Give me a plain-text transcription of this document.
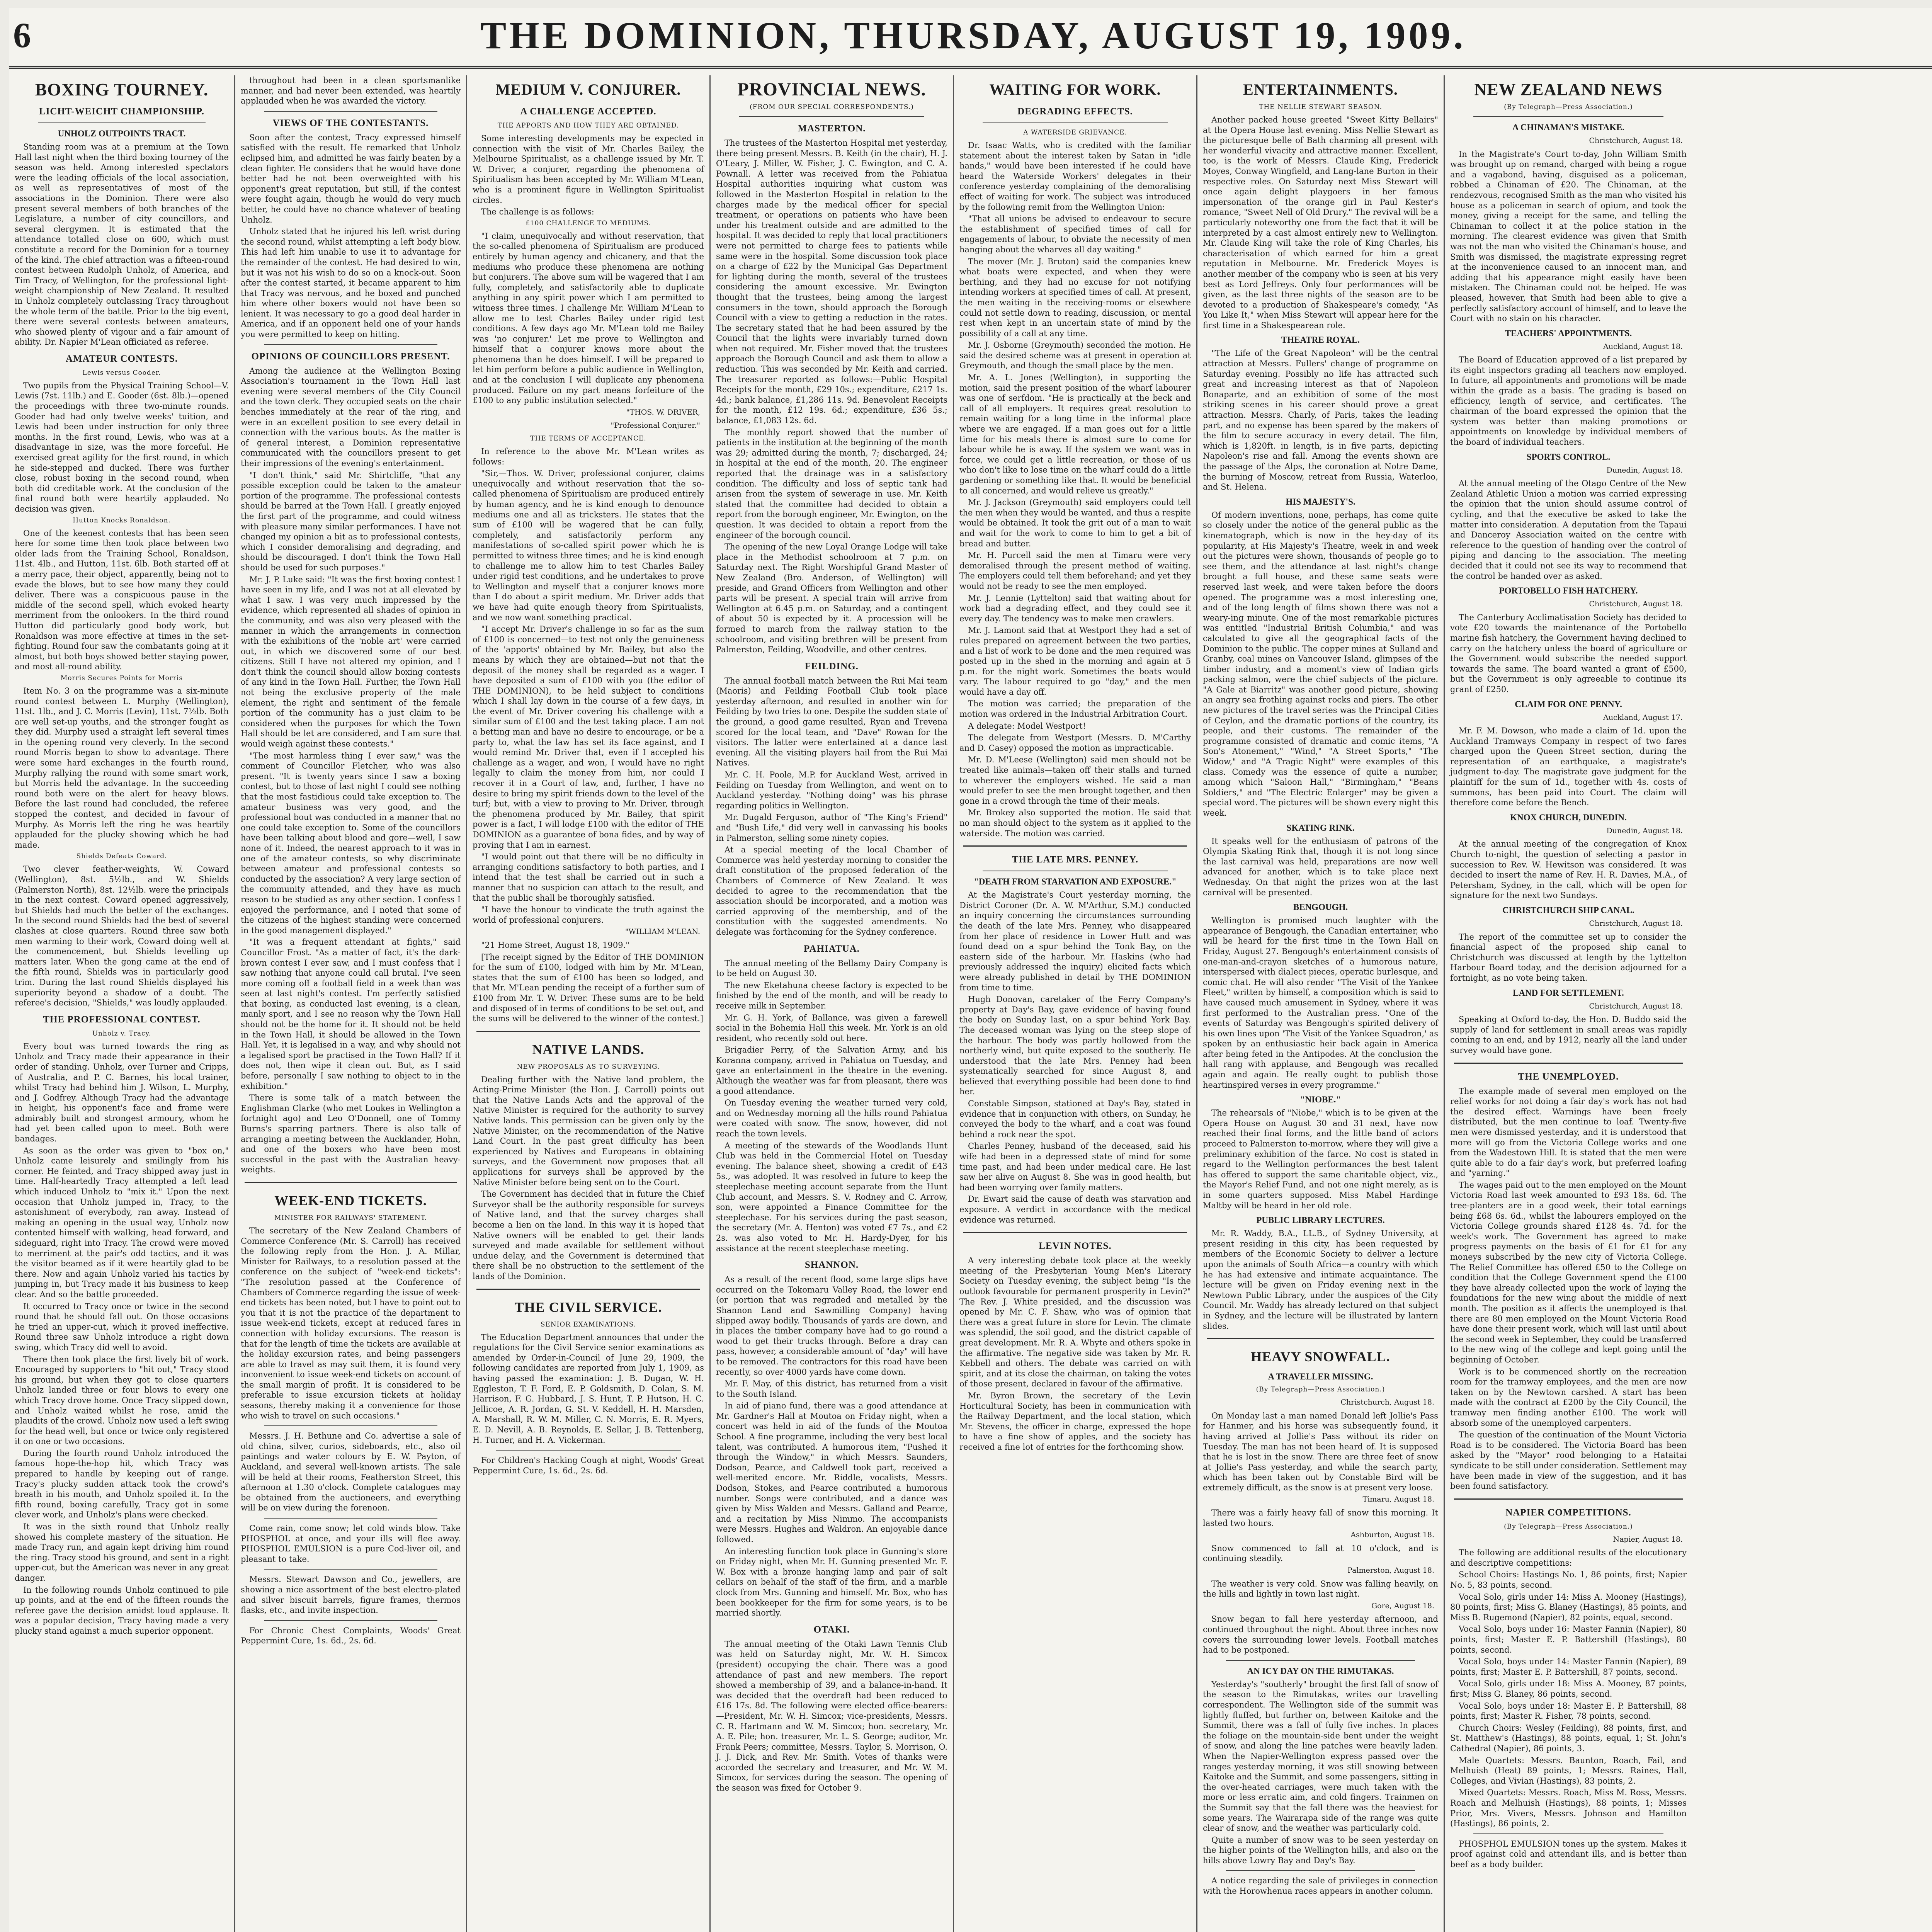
6	THE DOMINION, THURSDAY, AUGUST 19, 1909.
BOXING TOURNEY.
LICHT-WEICHT CHAMPIONSHIP.
UNHOLZ OUTPOINTS TRACT.

Standing room was at a premium at the Town Hall last night when the third boxing tourney of the season was held. Among interested spectators were the leading officials of the local association, as well as representatives of most of the associations in the Dominion. There were also present several members of both branches of the Legislature, a number of city councillors, and several clergymen. It is estimated that the attendance totalled close on 600, which must constitute a record for the Dominion for a tourney of the kind. The chief attraction was a fifteen-round contest between Rudolph Unholz, of America, and Tim Tracy, of Wellington, for the professional light-weight championship of New Zealand. It resulted in Unholz completely outclassing Tracy throughout the whole term of the battle. Prior to the big event, there were several contests between amateurs, who showed plenty of vigour and a fair amount of ability. Dr. Napier M'Lean officiated as referee.

AMATEUR CONTESTS.
Lewis versus Cooder.

Two pupils from the Physical Training School—V. Lewis (7st. 11lb.) and E. Gooder (6st. 8lb.)—opened the proceedings with three two-minute rounds. Gooder had had only twelve weeks' tuition, and Lewis had been under instruction for only three months. In the first round, Lewis, who was at a disadvantage in size, was the more forceful. He exercised great agility for the first round, in which he side-stepped and ducked. There was further close, robust boxing in the second round, when both did creditable work. At the conclusion of the final round both were heartily applauded. No decision was given.

Hutton Knocks Ronaldson.

One of the keenest contests that has been seen here for some time then took place between two older lads from the Training School, Ronaldson, 11st. 4lb., and Hutton, 11st. 6lb. Both started off at a merry pace, their object, apparently, being not to evade the blows, but to see how many they could deliver. There was a conspicuous pause in the middle of the second spell, which evoked hearty merriment from the onlookers. In the third round Hutton did particularly good body work, but Ronaldson was more effective at times in the set-fighting. Round four saw the combatants going at it almost, but both boys showed better staying power, and most all-round ability.

Morris Secures Points for Morris

Item No. 3 on the programme was a six-minute round contest between L. Murphy (Wellington), 11st. 1lb., and J. C. Morris (Levin), 11st. 7½lb. Both are well set-up youths, and the stronger fought as they did. Murphy used a straight left several times in the opening round very cleverly. In the second round Morris began to show to advantage. There were some hard exchanges in the fourth round, Murphy rallying the round with some smart work, but Morris held the advantage. In the succeeding round both were on the alert for heavy blows. Before the last round had concluded, the referee stopped the contest, and decided in favour of Murphy. As Morris left the ring he was heartily applauded for the plucky showing which he had made.

Shields Defeats Coward.

Two clever feather-weights, W. Coward (Wellington), 8st. 5½lb., and W. Shields (Palmerston North), 8st. 12½lb. were the principals in the next contest. Coward opened aggressively, but Shields had much the better of the exchanges. In the second round Shields had the best of several clashes at close quarters. Round three saw both men warming to their work, Coward doing well at the commencement, but Shields levelling up matters later. When the gong came at the end of the fifth round, Shields was in particularly good trim. During the last round Shields displayed his superiority beyond a shadow of a doubt. The referee's decision, "Shields," was loudly applauded.

THE PROFESSIONAL CONTEST.
Unholz v. Tracy.

Every bout was turned towards the ring as Unholz and Tracy made their appearance in their order of standing. Unholz, over Turner and Cripps, of Australia, and P. C. Barnes, his local trainer, whilst Tracy had behind him J. Wilson, L. Murphy, and J. Godfrey. Although Tracy had the advantage in height, his opponent's face and frame were admirably built and strongest armoury, whom he had yet been called upon to meet. Both were bandages.

As soon as the order was given to "box on," Unholz came leisurely and smilingly from his corner. He feinted, and Tracy shipped away just in time. Half-heartedly Tracy attempted a left lead which induced Unholz to "mix it." Upon the next occasion that Unholz jumped in, Tracy, to the astonishment of everybody, ran away. Instead of making an opening in the usual way, Unholz now contented himself with walking, head forward, and sideguard, right into Tracy. The crowd were moved to merriment at the pair's odd tactics, and it was the visitor beamed as if it were heartily glad to be there. Now and again Unholz varied his tactics by jumping in, but Tracy made it his business to keep clear. And so the battle proceeded.

It occurred to Tracy once or twice in the second round that he should fall out. On those occasions he tried an upper-cut, which it proved ineffective. Round three saw Unholz introduce a right down swing, which Tracy did well to avoid.

There then took place the first lively bit of work. Encouraged by supporters to "hit out," Tracy stood his ground, but when they got to close quarters Unholz landed three or four blows to every one which Tracy drove home. Once Tracy slipped down, and Unholz waited whilst he rose, amid the plaudits of the crowd. Unholz now used a left swing for the head well, but once or twice only registered it on one or two occasions.

During the fourth round Unholz introduced the famous hope-the-hop hit, which Tracy was prepared to handle by keeping out of range. Tracy's plucky sudden attack took the crowd's breath in his mouth, and Unholz spoiled it. In the fifth round, boxing carefully, Tracy got in some clever work, and Unholz's plans were checked.

It was in the sixth round that Unholz really showed his complete mastery of the situation. He made Tracy run, and again kept driving him round the ring. Tracy stood his ground, and sent in a right upper-cut, but the American was never in any great danger.

In the following rounds Unholz continued to pile up points, and at the end of the fifteen rounds the referee gave the decision amidst loud applause. It was a popular decision, Tracy having made a very plucky stand against a much superior opponent.

throughout had been in a clean sportsmanlike manner, and had never been extended, was heartily applauded when he was awarded the victory.

VIEWS OF THE CONTESTANTS.

Soon after the contest, Tracy expressed himself satisfied with the result. He remarked that Unholz eclipsed him, and admitted he was fairly beaten by a clean fighter. He considers that he would have done better had he not been overweighted with his opponent's great reputation, but still, if the contest were fought again, though he would do very much better, he could have no chance whatever of beating Unholz.

Unholz stated that he injured his left wrist during the second round, whilst attempting a left body blow. This had left him unable to use it to advantage for the remainder of the contest. He had desired to win, but it was not his wish to do so on a knock-out. Soon after the contest started, it became apparent to him that Tracy was nervous, and he boxed and punched him where other boxers would not have been so lenient. It was necessary to go a good deal harder in America, and if an opponent held one of your hands you were permitted to keep on hitting.

OPINIONS OF COUNCILLORS PRESENT.

Among the audience at the Wellington Boxing Association's tournament in the Town Hall last evening were several members of the City Council and the town clerk. They occupied seats on the chair benches immediately at the rear of the ring, and were in an excellent position to see every detail in connection with the various bouts. As the matter is of general interest, a Dominion representative communicated with the councillors present to get their impressions of the evening's entertainment.

"I don't think," said Mr. Shirtcliffe, "that any possible exception could be taken to the amateur portion of the programme. The professional contests should be barred at the Town Hall. I greatly enjoyed the first part of the programme, and could witness with pleasure many similar performances. I have not changed my opinion a bit as to professional contests, which I consider demoralising and degrading, and should be discouraged. I don't think the Town Hall should be used for such purposes."

Mr. J. P. Luke said: "It was the first boxing contest I have seen in my life, and I was not at all elevated by what I saw. I was very much impressed by the evidence, which represented all shades of opinion in the community, and was also very pleased with the manner in which the arrangements in connection with the exhibitions of the 'noble art' were carried out, in which we discovered some of our best citizens. Still I have not altered my opinion, and I don't think the council should allow boxing contests of any kind in the Town Hall. Further, the Town Hall not being the exclusive property of the male element, the right and sentiment of the female portion of the community has a just claim to be considered when the purposes for which the Town Hall should be let are considered, and I am sure that would weigh against these contests."

"The most harmless thing I ever saw," was the comment of Councillor Fletcher, who was also present. "It is twenty years since I saw a boxing contest, but to those of last night I could see nothing that the most fastidious could take exception to. The amateur business was very good, and the professional bout was conducted in a manner that no one could take exception to. Some of the councillors have been talking about blood and gore—well, I saw none of it. Indeed, the nearest approach to it was in one of the amateur contests, so why discriminate between amateur and professional contests so conducted by the association? A very large section of the community attended, and they have as much reason to be studied as any other section. I confess I enjoyed the performance, and I noted that some of the citizens of the highest standing were concerned in the good management displayed."

"It was a frequent attendant at fights," said Councillor Frost. "As a matter of fact, it's the dark-brown contest I ever saw, and I must confess that I saw nothing that anyone could call brutal. I've seen more coming off a football field in a week than was seen at last night's contest. I'm perfectly satisfied that boxing, as conducted last evening, is a clean, manly sport, and I see no reason why the Town Hall should not be the home for it. It should not be held in the Town Hall, it should be allowed in the Town Hall. Yet, it is legalised in a way, and why should not a legalised sport be practised in the Town Hall? If it does not, then wipe it clean out. But, as I said before, personally I saw nothing to object to in the exhibition."

There is some talk of a match between the Englishman Clarke (who met Loukes in Wellington a fortnight ago) and Leo O'Donnell, one of Tommy Burns's sparring partners. There is also talk of arranging a meeting between the Aucklander, Hohn, and one of the boxers who have been most successful in the past with the Australian heavy-weights.

WEEK-END TICKETS.
MINISTER FOR RAILWAYS' STATEMENT.

The secretary of the New Zealand Chambers of Commerce Conference (Mr. S. Carroll) has received the following reply from the Hon. J. A. Millar, Minister for Railways, to a resolution passed at the conference on the subject of "week-end tickets": "The resolution passed at the Conference of Chambers of Commerce regarding the issue of week-end tickets has been noted, but I have to point out to you that it is not the practice of the department to issue week-end tickets, except at reduced fares in connection with holiday excursions. The reason is that for the length of time the tickets are available at the holiday excursion rates, and being passengers are able to travel as may suit them, it is found very inconvenient to issue week-end tickets on account of the small margin of profit. It is considered to be preferable to issue excursion tickets at holiday seasons, thereby making it a convenience for those who wish to travel on such occasions."

Messrs. J. H. Bethune and Co. advertise a sale of old china, silver, curios, sideboards, etc., also oil paintings and water colours by E. W. Payton, of Auckland, and several well-known artists. The sale will be held at their rooms, Featherston Street, this afternoon at 1.30 o'clock. Complete catalogues may be obtained from the auctioneers, and everything will be on view during the forenoon.

Come rain, come snow; let cold winds blow. Take PHOSPHOL at once, and your ills will flee away. PHOSPHOL EMULSION is a pure Cod-liver oil, and pleasant to take.

Messrs. Stewart Dawson and Co., jewellers, are showing a nice assortment of the best electro-plated and silver biscuit barrels, figure frames, thermos flasks, etc., and invite inspection.

For Chronic Chest Complaints, Woods' Great Peppermint Cure, 1s. 6d., 2s. 6d.

MEDIUM V. CONJURER.
A CHALLENGE ACCEPTED.
THE APPORTS AND HOW THEY ARE OBTAINED.

Some interesting developments may be expected in connection with the visit of Mr. Charles Bailey, the Melbourne Spiritualist, as a challenge issued by Mr. T. W. Driver, a conjurer, regarding the phenomena of Spiritualism has been accepted by Mr. William M'Lean, who is a prominent figure in Wellington Spiritualist circles.

The challenge is as follows:

£100 CHALLENGE TO MEDIUMS.

"I claim, unequivocally and without reservation, that the so-called phenomena of Spiritualism are produced entirely by human agency and chicanery, and that the mediums who produce these phenomena are nothing but conjurers. The above sum will be wagered that I am fully, completely, and satisfactorily able to duplicate anything in any spirit power which I am permitted to witness three times. I challenge Mr. William M'Lean to allow me to test Charles Bailey under rigid test conditions. A few days ago Mr. M'Lean told me Bailey was 'no conjurer.' Let me prove to Wellington and himself that a conjurer knows more about the phenomena than he does himself. I will be prepared to let him perform before a public audience in Wellington, and at the conclusion I will duplicate any phenomena produced. Failure on my part means forfeiture of the £100 to any public institution selected."

"THOS. W. DRIVER,
"Professional Conjurer."
THE TERMS OF ACCEPTANCE.

In reference to the above Mr. M'Lean writes as follows:

"Sir,—Thos. W. Driver, professional conjurer, claims unequivocally and without reservation that the so-called phenomena of Spiritualism are produced entirely by human agency, and he is kind enough to denounce mediums one and all as tricksters. He states that the sum of £100 will be wagered that he can fully, completely, and satisfactorily perform any manifestations of so-called spirit power which he is permitted to witness three times; and he is kind enough to challenge me to allow him to test Charles Bailey under rigid test conditions, and he undertakes to prove to Wellington and myself that a conjurer knows more than I do about a spirit medium. Mr. Driver adds that we have had quite enough theory from Spiritualists, and we now want something practical.

"I accept Mr. Driver's challenge in so far as the sum of £100 is concerned—to test not only the genuineness of the 'apports' obtained by Mr. Bailey, but also the means by which they are obtained—but not that the deposit of the money shall be regarded as a wager. I have deposited a sum of £100 with you (the editor of THE DOMINION), to be held subject to conditions which I shall lay down in the course of a few days, in the event of Mr. Driver covering his challenge with a similar sum of £100 and the test taking place. I am not a betting man and have no desire to encourage, or be a party to, what the law has set its face against, and I would remind Mr. Driver that, even if I accepted his challenge as a wager, and won, I would have no right legally to claim the money from him, nor could I recover it in a Court of law, and, further, I have no desire to bring my spirit friends down to the level of the turf; but, with a view to proving to Mr. Driver, through the phenomena produced by Mr. Bailey, that spirit power is a fact, I will lodge £100 with the editor of THE DOMINION as a guarantee of bona fides, and by way of proving that I am in earnest.

"I would point out that there will be no difficulty in arranging conditions satisfactory to both parties, and I intend that the test shall be carried out in such a manner that no suspicion can attach to the result, and that the public shall be thoroughly satisfied.

"I have the honour to vindicate the truth against the world of professional conjurers.

"WILLIAM M'LEAN.

"21 Home Street, August 18, 1909."

[The receipt signed by the Editor of THE DOMINION for the sum of £100, lodged with him by Mr. M'Lean, states that the sum of £100 has been so lodged, and that Mr. M'Lean pending the receipt of a further sum of £100 from Mr. T. W. Driver. These sums are to be held and disposed of in terms of conditions to be set out, and the sums will be delivered to the winner of the contest.]

NATIVE LANDS.
NEW PROPOSALS AS TO SURVEYING.

Dealing further with the Native land problem, the Acting-Prime Minister (the Hon. J. Carroll) points out that the Native Lands Acts and the approval of the Native Minister is required for the authority to survey Native lands. This permission can be given only by the Native Minister, on the recommendation of the Native Land Court. In the past great difficulty has been experienced by Natives and Europeans in obtaining surveys, and the Government now proposes that all applications for surveys shall be approved by the Native Minister before being sent on to the Court.

The Government has decided that in future the Chief Surveyor shall be the authority responsible for surveys of Native land, and that the survey charges shall become a lien on the land. In this way it is hoped that Native owners will be enabled to get their lands surveyed and made available for settlement without undue delay, and the Government is determined that there shall be no obstruction to the settlement of the lands of the Dominion.

THE CIVIL SERVICE.
SENIOR EXAMINATIONS.

The Education Department announces that under the regulations for the Civil Service senior examinations as amended by Order-in-Council of June 29, 1909, the following candidates are reported from July 1, 1909, as having passed the examination: J. B. Dugan, W. H. Eggleston, T. F. Ford, E. P. Goldsmith, D. Colan, S. M. Harrison, F. G. Hubbard, J. S. Hunt, T. P. Hutson, H. C. Jellicoe, A. R. Jordan, G. St. V. Keddell, H. H. Marsden, A. Marshall, R. W. M. Miller, C. N. Morris, E. R. Myers, E. D. Nevill, A. B. Reynolds, E. Sellar, J. B. Tettenberg, H. Turner, and H. A. Vickerman.

For Children's Hacking Cough at night, Woods' Great Peppermint Cure, 1s. 6d., 2s. 6d.

PROVINCIAL NEWS.
(FROM OUR SPECIAL CORRESPONDENTS.)
MASTERTON.

The trustees of the Masterton Hospital met yesterday, there being present Messrs. B. Keith (in the chair), H. J. O'Leary, J. Miller, W. Fisher, J. C. Ewington, and C. A. Pownall. A letter was received from the Pahiatua Hospital authorities inquiring what custom was followed in the Masterton Hospital in relation to the charges made by the medical officer for special treatment, or operations on patients who have been under his treatment outside and are admitted to the hospital. It was decided to reply that local practitioners were not permitted to charge fees to patients while same were in the hospital. Some discussion took place on a charge of £22 by the Municipal Gas Department for lighting during the month, several of the trustees considering the amount excessive. Mr. Ewington thought that the trustees, being among the largest consumers in the town, should approach the Borough Council with a view to getting a reduction in the rates. The secretary stated that he had been assured by the Council that the lights were invariably turned down when not required. Mr. Fisher moved that the trustees approach the Borough Council and ask them to allow a reduction. This was seconded by Mr. Keith and carried. The treasurer reported as follows:—Public Hospital Receipts for the month, £29 10s.; expenditure, £217 1s. 4d.; bank balance, £1,286 11s. 9d. Benevolent Receipts for the month, £12 19s. 6d.; expenditure, £36 5s.; balance, £1,083 12s. 6d.

The monthly report showed that the number of patients in the institution at the beginning of the month was 29; admitted during the month, 7; discharged, 24; in hospital at the end of the month, 20. The engineer reported that the drainage was in a satisfactory condition. The difficulty and loss of septic tank had arisen from the system of sewerage in use. Mr. Keith stated that the committee had decided to obtain a report from the borough engineer, Mr. Ewington, on the question. It was decided to obtain a report from the engineer of the borough council.

The opening of the new Loyal Orange Lodge will take place in the Methodist schoolroom at 7 p.m. on Saturday next. The Right Worshipful Grand Master of New Zealand (Bro. Anderson, of Wellington) will preside, and Grand Officers from Wellington and other parts will be present. A special train will arrive from Wellington at 6.45 p.m. on Saturday, and a contingent of about 50 is expected by it. A procession will be formed to march from the railway station to the schoolroom, and visiting brethren will be present from Palmerston, Feilding, Woodville, and other centres.

FEILDING.

The annual football match between the Rui Mai team (Maoris) and Feilding Football Club took place yesterday afternoon, and resulted in another win for Feilding by two tries to one. Despite the sudden state of the ground, a good game resulted, Ryan and Trevena scored for the local team, and "Dave" Rowan for the visitors. The latter were entertained at a dance last evening. All the visiting players hail from the Rui Mai Natives.

Mr. C. H. Poole, M.P. for Auckland West, arrived in Feilding on Tuesday from Wellington, and went on to Auckland yesterday. "Nothing doing" was his phrase regarding politics in Wellington.

Mr. Dugald Ferguson, author of "The King's Friend" and "Bush Life," did very well in canvassing his books in Palmerston, selling some ninety copies.

At a special meeting of the local Chamber of Commerce was held yesterday morning to consider the draft constitution of the proposed federation of the Chambers of Commerce of New Zealand. It was decided to agree to the recommendation that the association should be incorporated, and a motion was carried approving of the membership, and of the constitution with the suggested amendments. No delegate was forthcoming for the Sydney conference.

PAHIATUA.

The annual meeting of the Bellamy Dairy Company is to be held on August 30.

The new Eketahuna cheese factory is expected to be finished by the end of the month, and will be ready to receive milk in September.

Mr. G. H. York, of Ballance, was given a farewell social in the Bohemia Hall this week. Mr. York is an old resident, who recently sold out here.

Brigadier Perry, of the Salvation Army, and his Koranna company, arrived in Pahiatua on Tuesday, and gave an entertainment in the theatre in the evening. Although the weather was far from pleasant, there was a good attendance.

On Tuesday evening the weather turned very cold, and on Wednesday morning all the hills round Pahiatua were coated with snow. The snow, however, did not reach the town levels.

A meeting of the stewards of the Woodlands Hunt Club was held in the Commercial Hotel on Tuesday evening. The balance sheet, showing a credit of £43 5s., was adopted. It was resolved in future to keep the steeplechase meeting account separate from the Hunt Club account, and Messrs. S. V. Rodney and C. Arrow, son, were appointed a Finance Committee for the steeplechase. For his services during the past season, the secretary (Mr. A. Henton) was voted £7 7s., and £2 2s. was also voted to Mr. H. Hardy-Dyer, for his assistance at the recent steeplechase meeting.

SHANNON.

As a result of the recent flood, some large slips have occurred on the Tokomaru Valley Road, the lower end (or portion that was regraded and metalled by the Shannon Land and Sawmilling Company) having slipped away bodily. Thousands of yards are down, and in places the timber company have had to go round a wood to get their trucks through. Before a dray can pass, however, a considerable amount of "day" will have to be removed. The contractors for this road have been recently, so over 4000 yards have come down.

Mr. F. May, of this district, has returned from a visit to the South Island.

In aid of piano fund, there was a good attendance at Mr. Gardner's Hall at Moutoa on Friday night, when a concert was held in aid of the funds of the Moutoa School. A fine programme, including the very best local talent, was contributed. A humorous item, "Pushed it through the Window," in which Messrs. Saunders, Dodson, Pearce, and Caldwell took part, received a well-merited encore. Mr. Riddle, vocalists, Messrs. Dodson, Stokes, and Pearce contributed a humorous number. Songs were contributed, and a dance was given by Miss Walden and Messrs. Galland and Pearce, and a recitation by Miss Nimmo. The accompanists were Messrs. Hughes and Waldron. An enjoyable dance followed.

An interesting function took place in Gunning's store on Friday night, when Mr. H. Gunning presented Mr. F. W. Box with a bronze hanging lamp and pair of salt cellars on behalf of the staff of the firm, and a marble clock from Mrs. Gunning and himself. Mr. Box, who has been bookkeeper for the firm for some years, is to be married shortly.

OTAKI.

The annual meeting of the Otaki Lawn Tennis Club was held on Saturday night, Mr. W. H. Simcox (president) occupying the chair. There was a good attendance of past and new members. The report showed a membership of 39, and a balance-in-hand. It was decided that the overdraft had been reduced to £16 17s. 8d. The following were elected office-bearers:—President, Mr. W. H. Simcox; vice-presidents, Messrs. C. R. Hartmann and W. M. Simcox; hon. secretary, Mr. A. E. Pile; hon. treasurer, Mr. L. S. George; auditor, Mr. Frank Peers; committee, Messrs. Taylor, S. Morrison, O. J. J. Dick, and Rev. Mr. Smith. Votes of thanks were accorded the secretary and treasurer, and Mr. W. M. Simcox, for services during the season. The opening of the season was fixed for October 9.

WAITING FOR WORK.
DEGRADING EFFECTS.
A WATERSIDE GRIEVANCE.

Dr. Isaac Watts, who is credited with the familiar statement about the interest taken by Satan in "idle hands," would have been interested if he could have heard the Waterside Workers' delegates in their conference yesterday complaining of the demoralising effect of waiting for work. The subject was introduced by the following remit from the Wellington Union:

"That all unions be advised to endeavour to secure the establishment of specified times of call for engagements of labour, to obviate the necessity of men hanging about the wharves all day waiting."

The mover (Mr. J. Bruton) said the companies knew what boats were expected, and when they were berthing, and they had no excuse for not notifying intending workers at specified times of call. At present, the men waiting in the receiving-rooms or elsewhere could not settle down to reading, discussion, or mental rest when kept in an uncertain state of mind by the possibility of a call at any time.

Mr. J. Osborne (Greymouth) seconded the motion. He said the desired scheme was at present in operation at Greymouth, and though the small place by the men.

Mr. A. L. Jones (Wellington), in supporting the motion, said the present position of the wharf labourer was one of serfdom. "He is practically at the beck and call of all employers. It requires great resolution to remain waiting for a long time in the informal place where we are engaged. If a man goes out for a little time for his meals there is almost sure to come for labour while he is away. If the system we want was in force, we could get a little recreation, or those of us who don't like to lose time on the wharf could do a little gardening or something like that. It would be beneficial to all concerned, and would relieve us greatly."

Mr. J. Jackson (Greymouth) said employers could tell the men when they would be wanted, and thus a respite would be obtained. It took the grit out of a man to wait and wait for the work to come to him to get a bit of bread and butter.

Mr. H. Purcell said the men at Timaru were very demoralised through the present method of waiting. The employers could tell them beforehand; and yet they would not be ready to see the men employed.

Mr. J. Lennie (Lyttelton) said that waiting about for work had a degrading effect, and they could see it every day. The tendency was to make men crawlers.

Mr. J. Lamont said that at Westport they had a set of rules prepared on agreement between the two parties, and a list of work to be done and the men required was posted up in the shed in the morning and again at 5 p.m. for the night work. Sometimes the boats would vary. The labour required to go "day," and the men would have a day off.

The motion was carried; the preparation of the motion was ordered in the Industrial Arbitration Court.

A delegate: Model Westport!

The delegate from Westport (Messrs. D. M'Carthy and D. Casey) opposed the motion as impracticable.

Mr. D. M'Leese (Wellington) said men should not be treated like animals—taken off their stalls and turned to wherever the employers wished. He said a man would prefer to see the men brought together, and then gone in a crowd through the time of their meals.

Mr. Brokey also supported the motion. He said that no man should object to the system as it applied to the waterside. The motion was carried.

THE LATE MRS. PENNEY.
"DEATH FROM STARVATION AND EXPOSURE."

At the Magistrate's Court yesterday morning, the District Coroner (Dr. A. W. M'Arthur, S.M.) conducted an inquiry concerning the circumstances surrounding the death of the late Mrs. Penney, who disappeared from her place of residence in Lower Hutt and was found dead on a spur behind the Tonk Bay, on the eastern side of the harbour. Mr. Haskins (who had previously addressed the inquiry) elicited facts which were already published in detail by THE DOMINION from time to time.

Hugh Donovan, caretaker of the Ferry Company's property at Day's Bay, gave evidence of having found the body on Sunday last, on a spur behind York Bay. The deceased woman was lying on the steep slope of the harbour. The body was partly hollowed from the northerly wind, but quite exposed to the southerly. He understood that the late Mrs. Penney had been systematically searched for since August 8, and believed that everything possible had been done to find her.

Constable Simpson, stationed at Day's Bay, stated in evidence that in conjunction with others, on Sunday, he conveyed the body to the wharf, and a coat was found behind a rock near the spot.

Charles Penney, husband of the deceased, said his wife had been in a depressed state of mind for some time past, and had been under medical care. He last saw her alive on August 8. She was in good health, but had been worrying over family matters.

Dr. Ewart said the cause of death was starvation and exposure. A verdict in accordance with the medical evidence was returned.

LEVIN NOTES.

A very interesting debate took place at the weekly meeting of the Presbyterian Young Men's Literary Society on Tuesday evening, the subject being "Is the outlook favourable for permanent prosperity in Levin?" The Rev. J. White presided, and the discussion was opened by Mr. C. F. Shaw, who was of opinion that there was a great future in store for Levin. The climate was splendid, the soil good, and the district capable of great development. Mr. R. A. Whyte and others spoke in the affirmative. The negative side was taken by Mr. R. Kebbell and others. The debate was carried on with spirit, and at its close the chairman, on taking the votes of those present, declared in favour of the affirmative.

Mr. Byron Brown, the secretary of the Levin Horticultural Society, has been in communication with the Railway Department, and the local station, which Mr. Stevens, the officer in charge, expressed the hope to have a fine show of apples, and the society has received a fine lot of entries for the forthcoming show.

ENTERTAINMENTS.
THE NELLIE STEWART SEASON.

Another packed house greeted "Sweet Kitty Bellairs" at the Opera House last evening. Miss Nellie Stewart as the picturesque belle of Bath charming all present with her wonderful vivacity and attractive manner. Excellent, too, is the work of Messrs. Claude King, Frederick Moyes, Conway Wingfield, and Lang-lane Burton in their respective roles. On Saturday next Miss Stewart will once again delight playgoers in her famous impersonation of the orange girl in Paul Kester's romance, "Sweet Nell of Old Drury." The revival will be a particularly noteworthy one from the fact that it will be interpreted by a cast almost entirely new to Wellington. Mr. Claude King will take the role of King Charles, his characterisation of which earned for him a great reputation in Melbourne. Mr. Frederick Moyes is another member of the company who is seen at his very best as Lord Jeffreys. Only four performances will be given, as the last three nights of the season are to be devoted to a production of Shakespeare's comedy, "As You Like It," when Miss Stewart will appear here for the first time in a Shakespearean role.

THEATRE ROYAL.

"The Life of the Great Napoleon" will be the central attraction at Messrs. Fullers' change of programme on Saturday evening. Possibly no life has attracted such great and increasing interest as that of Napoleon Bonaparte, and an exhibition of some of the most striking scenes in his career should prove a great attraction. Messrs. Charly, of Paris, takes the leading part, and no expense has been spared by the makers of the film to secure accuracy in every detail. The film, which is 1,820ft. in length, is in five parts, depicting Napoleon's rise and fall. Among the events shown are the passage of the Alps, the coronation at Notre Dame, the burning of Moscow, retreat from Russia, Waterloo, and St. Helena.

HIS MAJESTY'S.

Of modern inventions, none, perhaps, has come quite so closely under the notice of the general public as the kinematograph, which is now in the hey-day of its popularity, at His Majesty's Theatre, week in and week out the pictures were shown, thousands of people go to see them, and the attendance at last night's change brought a full house, and these same seats were reserved last week, and were taken before the doors opened. The programme was a most interesting one, and of the long length of films shown there was not a weary-ing minute. One of the most remarkable pictures was entitled "Industrial British Columbia," and was calculated to give all the geographical facts of the Dominion to the public. The copper mines at Sulland and Granby, coal mines on Vancouver Island, glimpses of the timber industry, and a moment's view of Indian girls packing salmon, were the chief subjects of the picture. "A Gale at Biarritz" was another good picture, showing an angry sea frothing against rocks and piers. The other new pictures of the travel series was the Principal Cities of Ceylon, and the dramatic portions of the country, its people, and their customs. The remainder of the programme consisted of dramatic and comic items, "A Son's Atonement," "Wind," "A Street Sports," "The Widow," and "A Tragic Night" were examples of this class. Comedy was the essence of quite a number, among which "Saloon Hall," "Birmingham," "Beans Soldiers," and "The Electric Enlarger" may be given a special word. The pictures will be shown every night this week.

SKATING RINK.

It speaks well for the enthusiasm of patrons of the Olympia Skating Rink that, though it is not long since the last carnival was held, preparations are now well advanced for another, which is to take place next Wednesday. On that night the prizes won at the last carnival will be presented.

BENGOUGH.

Wellington is promised much laughter with the appearance of Bengough, the Canadian entertainer, who will be heard for the first time in the Town Hall on Friday, August 27. Bengough's entertainment consists of one-man-and-crayon sketches of a humorous nature, interspersed with dialect pieces, operatic burlesque, and comic chat. He will also render "The Visit of the Yankee Fleet," written by himself, a composition which is said to have caused much amusement in Sydney, where it was first performed to the Australian press. "One of the events of Saturday was Bengough's spirited delivery of his own lines upon 'The Visit of the Yankee Squadron,' as spoken by an enthusiastic heir back again in America after being feted in the Antipodes. At the conclusion the hall rang with applause, and Bengough was recalled again and again. He really ought to publish those heartinspired verses in every programme."

"NIOBE."

The rehearsals of "Niobe," which is to be given at the Opera House on August 30 and 31 next, have now reached their final forms, and the little band of actors proceed to Palmerston to-morrow, where they will give a preliminary exhibition of the farce. No cost is stated in regard to the Wellington performances the best talent has offered to support the same charitable object, viz., the Mayor's Relief Fund, and not one night merely, as is in some quarters supposed. Miss Mabel Hardinge Maltby will be heard in her old role.

PUBLIC LIBRARY LECTURES.

Mr. R. Waddy, B.A., LL.B., of Sydney University, at present residing in this city, has been requested by members of the Economic Society to deliver a lecture upon the animals of South Africa—a country with which he has had extensive and intimate acquaintance. The lecture will be given on Friday evening next in the Newtown Public Library, under the auspices of the City Council. Mr. Waddy has already lectured on that subject in Sydney, and the lecture will be illustrated by lantern slides.

HEAVY SNOWFALL.
A TRAVELLER MISSING.
(By Telegraph—Press Association.)
Christchurch, August 18.

On Monday last a man named Donald left Jollie's Pass for Hanmer, and his horse was subsequently found, it having arrived at Jollie's Pass without its rider on Tuesday. The man has not been heard of. It is supposed that he is lost in the snow. There are three feet of snow at Jollie's Pass yesterday, and while the search party, which has been taken out by Constable Bird will be extremely difficult, as the snow is at present very loose.

Timaru, August 18.

There was a fairly heavy fall of snow this morning. It lasted two hours.

Ashburton, August 18.

Snow commenced to fall at 10 o'clock, and is continuing steadily.

Palmerston, August 18.

The weather is very cold. Snow was falling heavily, on the hills and lightly in town last night.

Gore, August 18.

Snow began to fall here yesterday afternoon, and continued throughout the night. About three inches now covers the surrounding lower levels. Football matches had to be postponed.

AN ICY DAY ON THE RIMUTAKAS.

Yesterday's "southerly" brought the first fall of snow of the season to the Rimutakas, writes our travelling correspondent. The Wellington side of the summit was lightly fluffed, but further on, between Kaitoke and the Summit, there was a fall of fully five inches. In places the foliage on the mountain-side bent under the weight of snow, and along the line patches were heavily laden. When the Napier-Wellington express passed over the ranges yesterday morning, it was still snowing between Kaitoke and the Summit, and some passengers, sitting in the over-heated carriages, were much taken with the more or less erratic aim, and cold fingers. Trainmen on the Summit say that the fall there was the heaviest for some years. The Wairarapa side of the range was quite clear of snow, and the weather was particularly cold.

Quite a number of snow was to be seen yesterday on the higher points of the Wellington hills, and also on the hills above Lowry Bay and Day's Bay.

A notice regarding the sale of privileges in connection with the Horowhenua races appears in another column.

NEW ZEALAND NEWS
(By Telegraph—Press Association.)
A CHINAMAN'S MISTAKE.
Christchurch, August 18.

In the Magistrate's Court to-day, John William Smith was brought up on remand, charged with being a rogue and a vagabond, having, disguised as a policeman, robbed a Chinaman of £20. The Chinaman, at the rendezvous, recognised Smith as the man who visited his house as a policeman in search of opium, and took the money, giving a receipt for the same, and telling the Chinaman to collect it at the police station in the morning. The clearest evidence was given that Smith was not the man who visited the Chinaman's house, and Smith was dismissed, the magistrate expressing regret at the inconvenience caused to an innocent man, and adding that his appearance might easily have been mistaken. The Chinaman could not be helped. He was pleased, however, that Smith had been able to give a perfectly satisfactory account of himself, and to leave the Court with no stain on his character.

TEACHERS' APPOINTMENTS.
Auckland, August 18.

The Board of Education approved of a list prepared by its eight inspectors grading all teachers now employed. In future, all appointments and promotions will be made within the grade as a basis. The grading is based on efficiency, length of service, and certificates. The chairman of the board expressed the opinion that the system was better than making promotions or appointments on knowledge by individual members of the board of individual teachers.

SPORTS CONTROL.
Dunedin, August 18.

At the annual meeting of the Otago Centre of the New Zealand Athletic Union a motion was carried expressing the opinion that the union should assume control of cycling, and that the executive be asked to take the matter into consideration. A deputation from the Tapaui and Danceroy Association waited on the centre with reference to the question of handing over the control of piping and dancing to the association. The meeting decided that it could not see its way to recommend that the control be handed over as asked.

PORTOBELLO FISH HATCHERY.
Christchurch, August 18.

The Canterbury Acclimatisation Society has decided to vote £20 towards the maintenance of the Portobello marine fish hatchery, the Government having declined to carry on the hatchery unless the board of agriculture or the Government would subscribe the needed support towards the same. The board wanted a grant of £500, but the Government is only agreeable to continue its grant of £250.

CLAIM FOR ONE PENNY.
Auckland, August 17.

Mr. F. M. Dowson, who made a claim of 1d. upon the Auckland Tramways Company in respect of two fares charged upon the Queen Street section, during the representation of an earthquake, a magistrate's judgment to-day. The magistrate gave judgment for the plaintiff for the sum of 1d., together with 4s. costs of summons, has been paid into Court. The claim will therefore come before the Bench.

KNOX CHURCH, DUNEDIN.
Dunedin, August 18.

At the annual meeting of the congregation of Knox Church to-night, the question of selecting a pastor in succession to Rev. W. Hewitson was considered. It was decided to insert the name of Rev. H. R. Davies, M.A., of Petersham, Sydney, in the call, which will be open for signature for the next two Sundays.

CHRISTCHURCH SHIP CANAL.
Christchurch, August 18.

The report of the committee set up to consider the financial aspect of the proposed ship canal to Christchurch was discussed at length by the Lyttelton Harbour Board today, and the decision adjourned for a fortnight, as no vote being taken.

LAND FOR SETTLEMENT.
Christchurch, August 18.

Speaking at Oxford to-day, the Hon. D. Buddo said the supply of land for settlement in small areas was rapidly coming to an end, and by 1912, nearly all the land under survey would have gone.

THE UNEMPLOYED.

The example made of several men employed on the relief works for not doing a fair day's work has not had the desired effect. Warnings have been freely distributed, but the men continue to loaf. Twenty-five men were dismissed yesterday, and it is understood that more will go from the Victoria College works and one from the Wadestown Hill. It is stated that the men were quite able to do a fair day's work, but preferred loafing and "yarning."

The wages paid out to the men employed on the Mount Victoria Road last week amounted to £93 18s. 6d. The tree-planters are in a good week, their total earnings being £68 6s. 6d., whilst the labourers employed on the Victoria College grounds shared £128 4s. 7d. for the week's work. The Government has agreed to make progress payments on the basis of £1 for £1 for any moneys subscribed by the new city of Victoria College. The Relief Committee has offered £50 to the College on condition that the College Government spend the £100 they have already collected upon the work of laying the foundations for the new wing about the middle of next month. The position as it affects the unemployed is that there are 80 men employed on the Mount Victoria Road have done their present work, which will last until about the second week in September, they could be transferred to the new wing of the college and kept going until the beginning of October.

Work is to be commenced shortly on the recreation room for the tramway employees, and the men are now taken on by the Newtown carshed. A start has been made with the contract at £200 by the City Council, the tramway men finding another £100. The work will absorb some of the unemployed carpenters.

The question of the continuation of the Mount Victoria Road is to be considered. The Victoria Board has been asked by the "Mayor" rood belonging to a Hataitai syndicate to be still under consideration. Settlement may have been made in view of the suggestion, and it has been found satisfactory.

NAPIER COMPETITIONS.
(By Telegraph—Press Association.)
Napier, August 18.

The following are additional results of the elocutionary and descriptive competitions:

School Choirs: Hastings No. 1, 86 points, first; Napier No. 5, 83 points, second.

Vocal Solo, girls under 14: Miss A. Mooney (Hastings), 80 points, first; Miss G. Blaney (Hastings), 85 points, and Miss B. Rugemond (Napier), 82 points, equal, second.

Vocal Solo, boys under 16: Master Fannin (Napier), 80 points, first; Master E. P. Battershill (Hastings), 80 points, second.

Vocal Solo, boys under 14: Master Fannin (Napier), 89 points, first; Master E. P. Battershill, 87 points, second.

Vocal Solo, girls under 18: Miss A. Mooney, 87 points, first; Miss G. Blaney, 86 points, second.

Vocal Solo, boys under 18: Master E. P. Battershill, 88 points, first; Master R. Fisher, 78 points, second.

Church Choirs: Wesley (Feilding), 88 points, first, and St. Matthew's (Hastings), 88 points, equal, 1; St. John's Cathedral (Napier), 86 points, 3.

Male Quartets: Messrs. Baunton, Roach, Fail, and Melhuish (Heat) 89 points, 1; Messrs. Raines, Hall, Colleges, and Vivian (Hastings), 83 points, 2.

Mixed Quartets: Messrs. Roach, Miss M. Ross, Messrs. Roach and Melhuish (Hastings), 88 points, 1; Misses Prior, Mrs. Vivers, Messrs. Johnson and Hamilton (Hastings), 86 points, 2.

PHOSPHOL EMULSION tones up the system. Makes it proof against cold and attendant ills, and is better than beef as a body builder.
